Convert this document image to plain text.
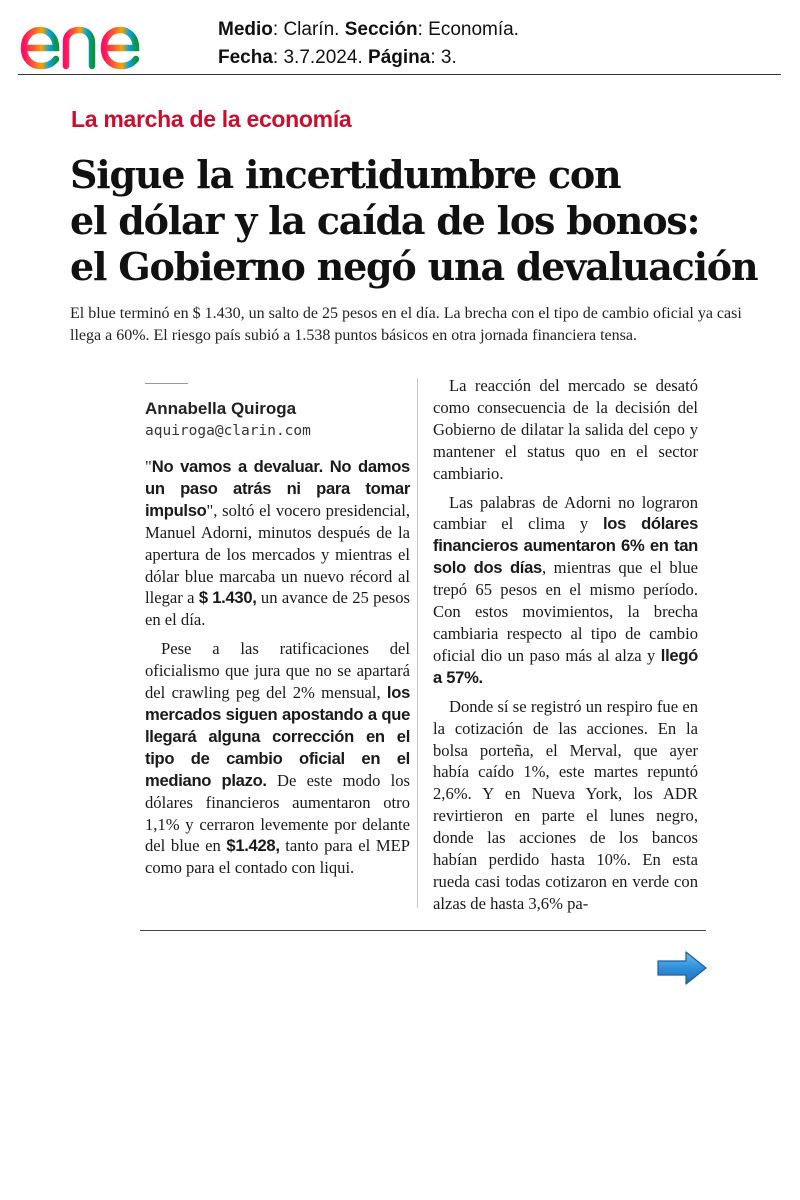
Medio: Clarín. Sección: Economía.
Fecha: 3.7.2024. Página: 3.
La marcha de la economía
Sigue la incertidumbre con
el dólar y la caída de los bonos:
el Gobierno negó una devaluación
El blue terminó en $ 1.430, un salto de 25 pesos en el día. La brecha con el tipo de cambio oficial ya casi llega a 60%. El riesgo país subió a 1.538 puntos básicos en otra jornada financiera tensa.
Annabella Quiroga
aquiroga@clarin.com

"No vamos a devaluar. No damos un paso atrás ni para tomar impulso", soltó el vocero presidencial, Manuel Adorni, minutos después de la apertura de los mercados y mientras el dólar blue marcaba un nuevo récord al llegar a $ 1.430, un avance de 25 pesos en el día.

Pese a las ratificaciones del oficialismo que jura que no se apartará del crawling peg del 2% mensual, los mercados siguen apostando a que llegará alguna corrección en el tipo de cambio oficial en el mediano plazo. De este modo los dólares financieros aumentaron otro 1,1% y cerraron levemente por delante del blue en $1.428, tanto para el MEP como para el contado con liqui.

La reacción del mercado se desató como consecuencia de la decisión del Gobierno de dilatar la salida del cepo y mantener el status quo en el sector cambiario.

Las palabras de Adorni no lograron cambiar el clima y los dólares financieros aumentaron 6% en tan solo dos días, mientras que el blue trepó 65 pesos en el mismo período. Con estos movimientos, la brecha cambiaria respecto al tipo de cambio oficial dio un paso más al alza y llegó a 57%.

Donde sí se registró un respiro fue en la cotización de las acciones. En la bolsa porteña, el Merval, que ayer había caído 1%, este martes repuntó 2,6%. Y en Nueva York, los ADR revirtieron en parte el lunes negro, donde las acciones de los bancos habían perdido hasta 10%. En esta rueda casi todas cotizaron en verde con alzas de hasta 3,6% pa-
